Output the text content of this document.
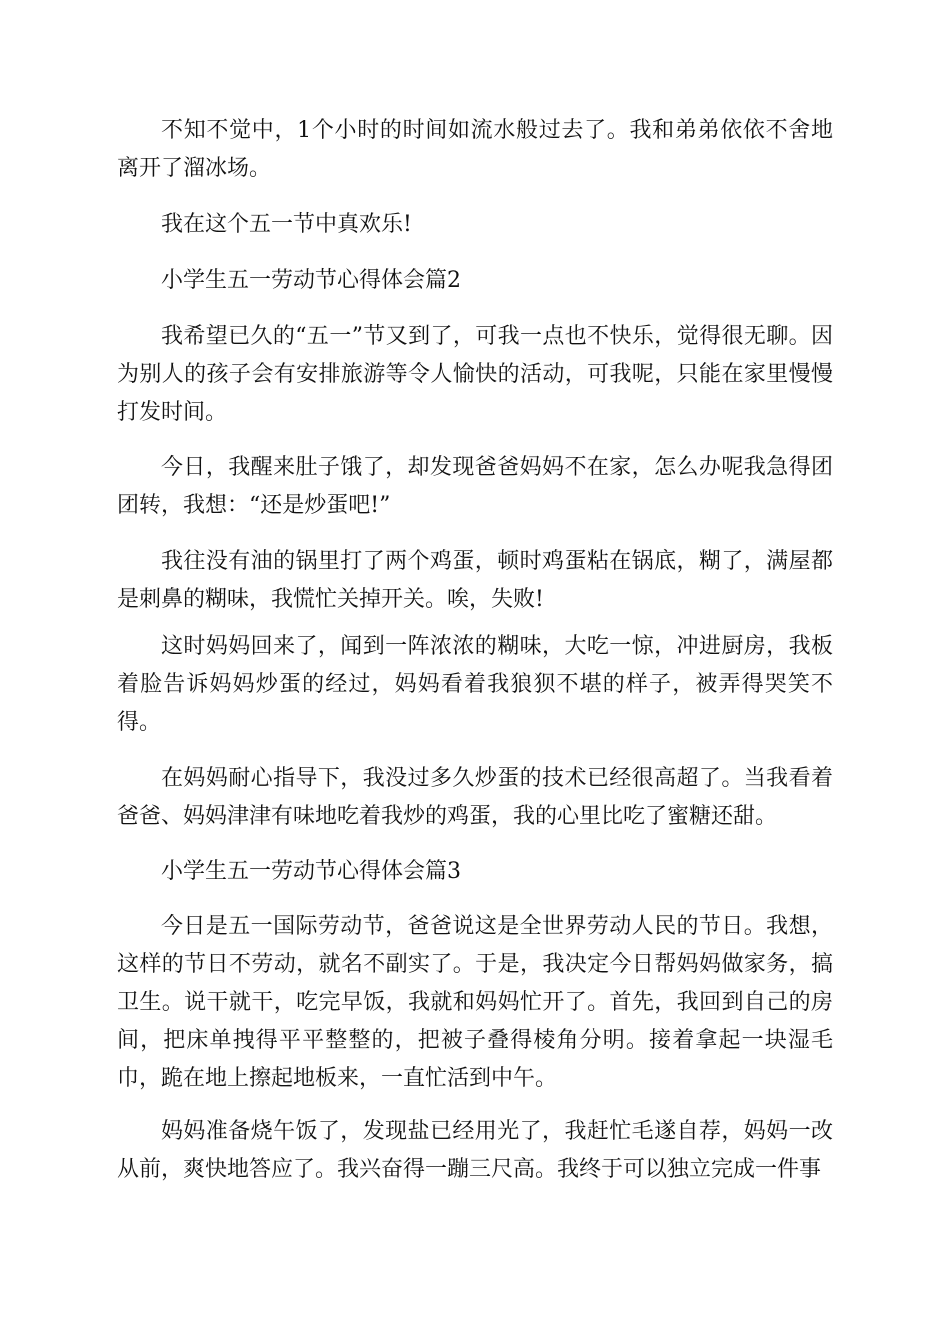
不知不觉中，1个小时的时间如流水般过去了。我和弟弟依依不舍地离开了溜冰场。

我在这个五一节中真欢乐!

小学生五一劳动节心得体会篇2

我希望已久的“五一”节又到了，可我一点也不快乐，觉得很无聊。因为别人的孩子会有安排旅游等令人愉快的活动，可我呢，只能在家里慢慢打发时间。

今日，我醒来肚子饿了，却发现爸爸妈妈不在家，怎么办呢我急得团团转，我想：“还是炒蛋吧!”

我往没有油的锅里打了两个鸡蛋，顿时鸡蛋粘在锅底，糊了，满屋都是刺鼻的糊味，我慌忙关掉开关。唉，失败!

这时妈妈回来了，闻到一阵浓浓的糊味，大吃一惊，冲进厨房，我板着脸告诉妈妈炒蛋的经过，妈妈看着我狼狈不堪的样子，被弄得哭笑不得。

在妈妈耐心指导下，我没过多久炒蛋的技术已经很高超了。当我看着爸爸、妈妈津津有味地吃着我炒的鸡蛋，我的心里比吃了蜜糖还甜。

小学生五一劳动节心得体会篇3

今日是五一国际劳动节，爸爸说这是全世界劳动人民的节日。我想，这样的节日不劳动，就名不副实了。于是，我决定今日帮妈妈做家务，搞卫生。说干就干，吃完早饭，我就和妈妈忙开了。首先，我回到自己的房间，把床单拽得平平整整的，把被子叠得棱角分明。接着拿起一块湿毛巾，跪在地上擦起地板来，一直忙活到中午。

妈妈准备烧午饭了，发现盐已经用光了，我赶忙毛遂自荐，妈妈一改从前，爽快地答应了。我兴奋得一蹦三尺高。我终于可以独立完成一件事
